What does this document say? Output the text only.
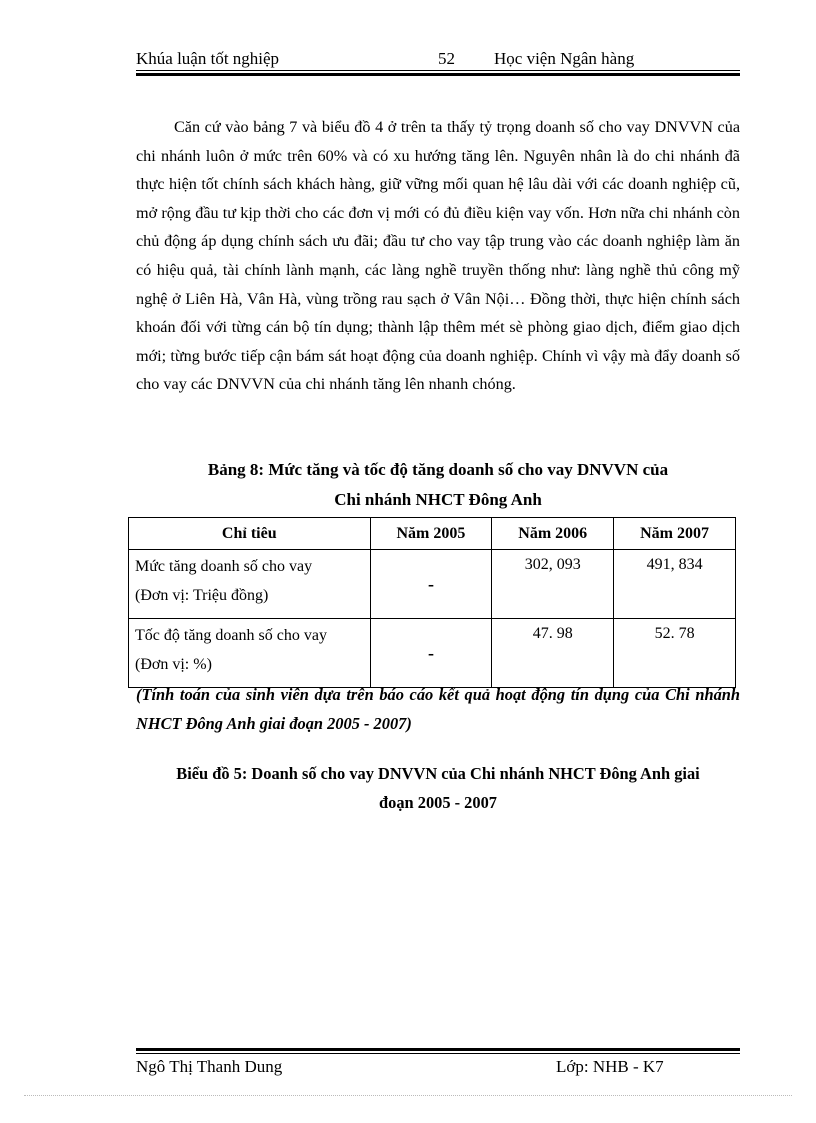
Khúa luận tốt nghiệp	52 Học viện Ngân hàng

Căn cứ vào bảng 7 và biểu đồ 4 ở trên ta thấy tỷ trọng doanh số cho vay DNVVN của chi nhánh luôn ở mức trên 60% và có xu hướng tăng lên. Nguyên nhân là do chi nhánh đã thực hiện tốt chính sách khách hàng, giữ vững mối quan hệ lâu dài với các doanh nghiệp cũ, mở rộng đầu tư kịp thời cho các đơn vị mới có đủ điều kiện vay vốn. Hơn nữa chi nhánh còn chủ động áp dụng chính sách ưu đãi; đầu tư cho vay tập trung vào các doanh nghiệp làm ăn có hiệu quả, tài chính lành mạnh, các làng nghề truyền thống như: làng nghề thủ công mỹ nghệ ở Liên Hà, Vân Hà, vùng trồng rau sạch ở Vân Nội… Đồng thời, thực hiện chính sách khoán đối với từng cán bộ tín dụng; thành lập thêm mét sè phòng giao dịch, điểm giao dịch mới; từng bước tiếp cận bám sát hoạt động của doanh nghiệp. Chính vì vậy mà đẩy doanh số cho vay các DNVVN của chi nhánh tăng lên nhanh chóng.

Bảng 8: Mức tăng và tốc độ tăng doanh số cho vay DNVVN của

Chi nhánh NHCT Đông Anh

Chỉ tiêu	Năm 2005	Năm 2006	Năm 2007
Mức tăng doanh số cho vay
(Đơn vị: Triệu đồng)	-	302, 093	491, 834
Tốc độ tăng doanh số cho vay
(Đơn vị: %)	-	47. 98	52. 78

(Tính toán của sinh viên dựa trên báo cáo kết quả hoạt động tín dụng của Chi nhánh NHCT Đông Anh giai đoạn 2005 - 2007)

Biểu đồ 5: Doanh số cho vay DNVVN của Chi nhánh NHCT Đông Anh giai
đoạn 2005 - 2007
Ngô Thị Thanh Dung	Lớp: NHB - K7
